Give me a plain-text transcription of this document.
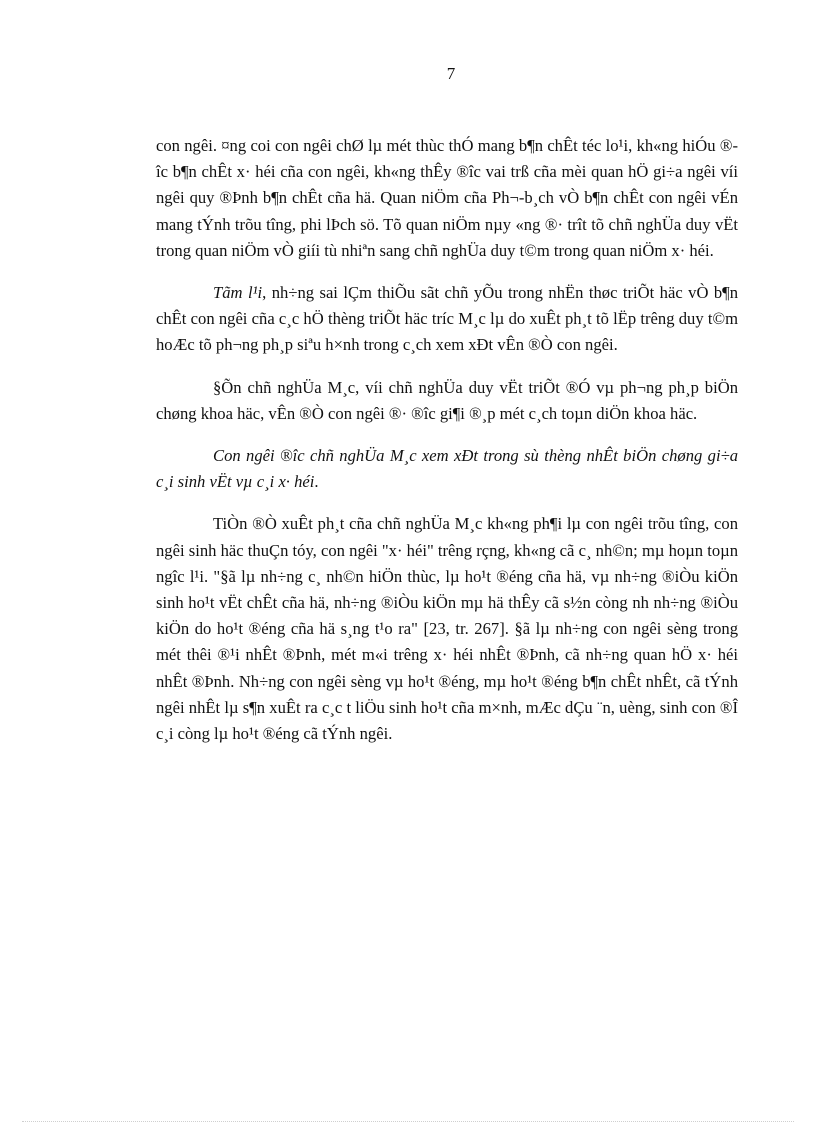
7

con ngêi. ¤ng coi con ngêi chØ lµ mét thùc thÓ mang b¶n chÊt téc lo¹i, kh«ng hiÓu ®îc b¶n chÊt x· héi cña con ngêi, kh«ng thÊy ®îc vai trß cña mèi quan hÖ gi÷a ngêi víi ngêi quy ®Þnh b¶n chÊt cña hä. Quan niÖm cña Ph¬-b¸ch vÒ b¶n chÊt con ngêi vÉn mang tÝnh trõu tîng, phi lÞch sö. Tõ quan niÖm nµy «ng ®· trît tõ chñ nghÜa duy vËt trong quan niÖm vÒ giíi tù nhiªn sang chñ nghÜa duy t©m trong quan niÖm x· héi.

Tãm l¹i, nh÷ng sai lÇm thiÕu sãt chñ yÕu trong nhËn thøc triÕt häc vÒ b¶n chÊt con ngêi cña c¸c hÖ thèng triÕt häc tríc M¸c lµ do xuÊt ph¸t tõ lËp trêng duy t©m hoÆc tõ ph¬ng ph¸p siªu h×nh trong c¸ch xem xÐt vÊn ®Ò con ngêi.

§Õn chñ nghÜa M¸c, víi chñ nghÜa duy vËt triÕt ®Ó vµ ph¬ng ph¸p biÖn chøng khoa häc, vÊn ®Ò con ngêi ®· ®îc gi¶i ®¸p mét c¸ch toµn diÖn khoa häc.

Con ngêi ®îc chñ nghÜa M¸c xem xÐt trong sù thèng nhÊt biÖn chøng gi÷a c¸i sinh vËt vµ c¸i x· héi.

TiÒn ®Ò xuÊt ph¸t cña chñ nghÜa M¸c kh«ng ph¶i lµ con ngêi trõu tîng, con ngêi sinh häc thuÇn tóy, con ngêi "x· héi" trêng rçng, kh«ng cã c¸ nh©n; mµ hoµn toµn ngîc l¹i. "§ã lµ nh÷ng c¸ nh©n hiÖn thùc, lµ ho¹t ®éng cña hä, vµ nh÷ng ®iÒu kiÖn sinh ho¹t vËt chÊt cña hä, nh÷ng ®iÒu kiÖn mµ hä thÊy cã s½n còng nh nh÷ng ®iÒu kiÖn do ho¹t ®éng cña hä s¸ng t¹o ra" [23, tr. 267]. §ã lµ nh÷ng con ngêi sèng trong mét thêi ®¹i nhÊt ®Þnh, mét m«i trêng x· héi nhÊt ®Þnh, cã nh÷ng quan hÖ x· héi nhÊt ®Þnh. Nh÷ng con ngêi sèng vµ ho¹t ®éng, mµ ho¹t ®éng b¶n chÊt nhÊt, cã tÝnh ngêi nhÊt lµ s¶n xuÊt ra c¸c t liÖu sinh ho¹t cña m×nh, mÆc dÇu ¨n, uèng, sinh con ®Î c¸i còng lµ ho¹t ®éng cã tÝnh ngêi.
